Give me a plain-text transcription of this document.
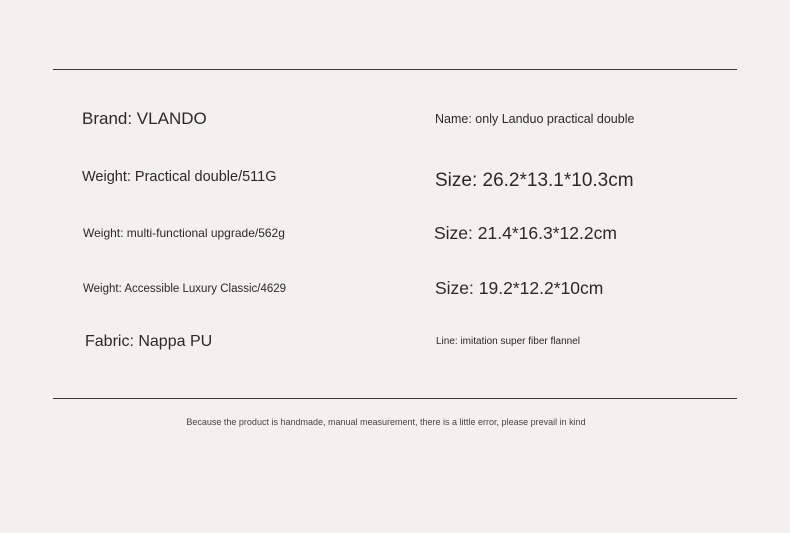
Brand: VLANDO	Name: only Landuo practical double
Weight: Practical double/511G	Size: 26.2*13.1*10.3cm
Weight: multi-functional upgrade/562g	Size: 21.4*16.3*12.2cm
Weight: Accessible Luxury Classic/4629	Size: 19.2*12.2*10cm
Fabric: Nappa PU	Line: imitation super fiber flannel
Because the product is handmade, manual measurement, there is a little error, please prevail in kind
